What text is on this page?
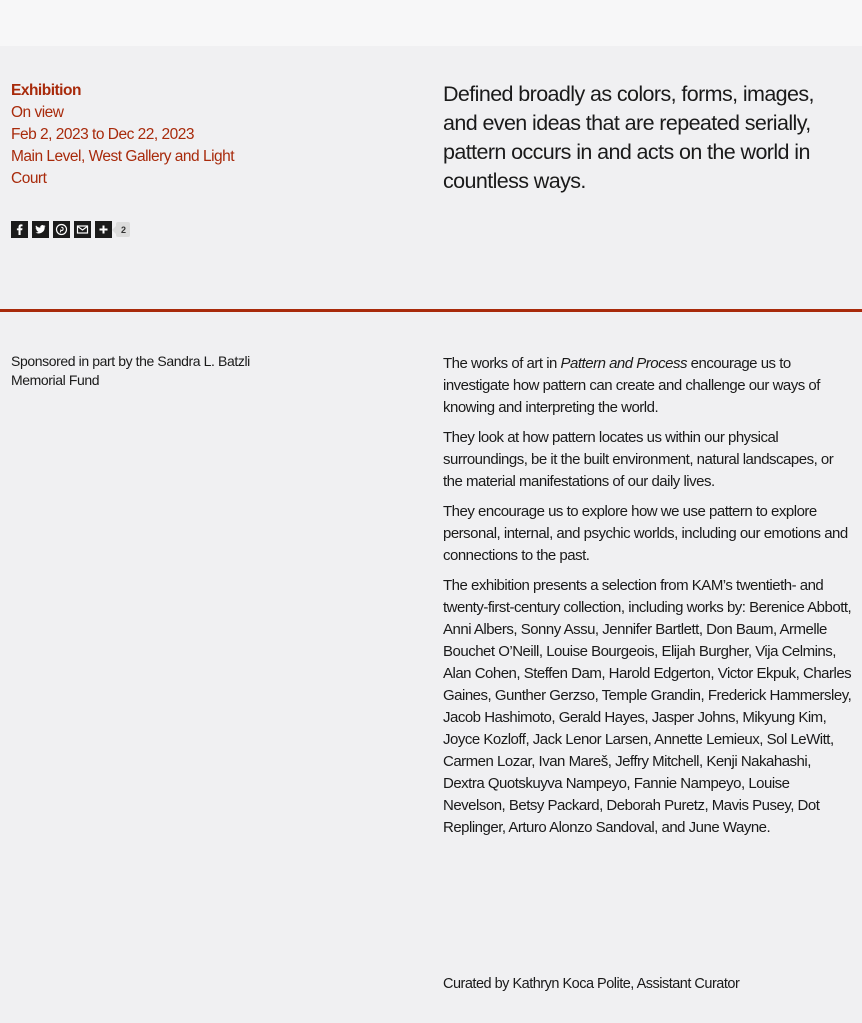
Exhibition
On view
Feb 2, 2023 to Dec 22, 2023
Main Level, West Gallery and Light Court
2

Defined broadly as colors, forms, images, and even ideas that are repeated serially, pattern occurs in and acts on the world in countless ways.

Sponsored in part by the Sandra L. Batzli Memorial Fund

The works of art in Pattern and Process encourage us to investigate how pattern can create and challenge our ways of knowing and interpreting the world.

They look at how pattern locates us within our physical surroundings, be it the built environment, natural landscapes, or the material manifestations of our daily lives.

They encourage us to explore how we use pattern to explore personal, internal, and psychic worlds, including our emotions and connections to the past.

The exhibition presents a selection from KAM’s twentieth- and twenty-first-century collection, including works by: Berenice Abbott, Anni Albers, Sonny Assu, Jennifer Bartlett, Don Baum, Armelle Bouchet O’Neill, Louise Bourgeois, Elijah Burgher, Vija Celmins, Alan Cohen, Steffen Dam, Harold Edgerton, Victor Ekpuk, Charles Gaines, Gunther Gerzso, Temple Grandin, Frederick Hammersley, Jacob Hashimoto, Gerald Hayes, Jasper Johns, Mikyung Kim, Joyce Kozloff, Jack Lenor Larsen, Annette Lemieux, Sol LeWitt, Carmen Lozar, Ivan Mareš, Jeffry Mitchell, Kenji Nakahashi, Dextra Quotskuyva Nampeyo, Fannie Nampeyo, Louise Nevelson, Betsy Packard, Deborah Puretz, Mavis Pusey, Dot Replinger, Arturo Alonzo Sandoval, and June Wayne.

Curated by Kathryn Koca Polite, Assistant Curator
